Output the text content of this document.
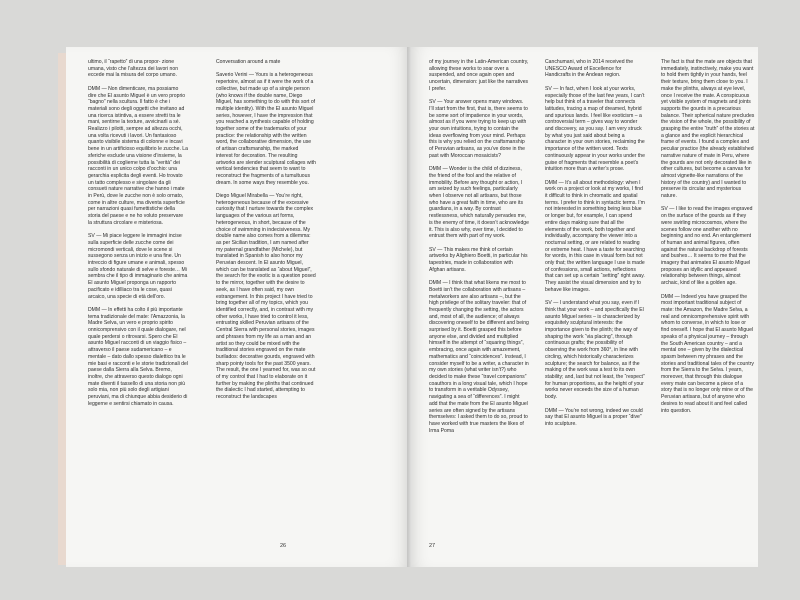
ultimo, il “rapetto” di una propor- zione umana, visto che l’altezza dei lavori non eccede mai la misura del corpo umano.

DMM — Non dimenticare, ma possiamo dire che El asunto Miguel è un vero proprio “bagno” nella scultura. Il fatto è che i materiali sono degli oggetti che invitano ad una ricerca istintiva, a essere stretti tra le mani, sentirne la texture, avvicinarli a sé. Realizzo i pilotti, sempre ad altezza occhi, una volta ricevuti i lavori. Un fantasioso quanto visibile sistema di colonne e incavi bene in un artificioso equilibrio le zucche. La sferiche esclude una visione d’insieme, la possibilità di coglierne tutta la “verità” dei racconti in un unico colpo d’occhio: una gerarchia esplicita degli eventi. Ho trovato un tatto complesso e singolare da gli consueti nature narrative che hanno i mate in Perù, dove le zucche non è solo ornato, come in altre culture, ma diventa superficie per narrazioni quasi fumettistiche della storia del paese e ne ho voluto preservare la struttura circolare e misteriosa.

SV — Mi piace leggere le immagini incise sulla superficie delle zucche come dei micromondi verticali, dove le scene si sussegono senza un inizio e una fine. Un intreccio di figure umane e animali, spesso sullo sfondo naturale di selve e foreste… Mi sembra che il tipo di immaginario che anima El asunto Miguel proponga un rapporto pacificato e idilliaco tra le cose, quasi arcaico, una specie di età dell’oro.

DMM — In effetti ha colto il più importante tema tradizionale del mate: l’Amazzonia, la Madre Selva, un vero e proprio spirito onnicomprensivo con il quale dialogare, nel quale perdersi o ritrovarsi. Spero che El asunto Miguel racconti di un viaggio fisico – attraverso il paese sudamericano – e mentale – dato dallo spesso dialettico tra le mie basi e racconti e le storie tradizionali del paese dalla Sierra alla Selva. Bremo, inoltre, che attraverso questo dialogo ogni mate diventi il tassello di una storia non più solo mia, non più solo degli artigiani peruviani, ma di chiunque abbia desiderio di leggerne e sentirsi chiamato in causa.

Conversation around a mate

Saverio Verini — Yours is a heterogeneous repertoire, almost as if it were the work of a collective, but made up of a single person (who knows if the double name, Diego Miguel, has something to do with this sort of multiple identity). With the El asunto Miguel series, however, I have the impression that you reached a synthesis capable of holding together some of the trademarks of your practice: the relationship with the written word, the collaborative dimension, the use of artisan craftsmanship, the marked interest for decoration. The resulting artworks are slender sculptural collages with vertical tendencies that seem to want to reconstruct the fragments of a tumultuous dream. In some ways they resemble you.

Diego Miguel Mirabella — You’re right, heterogeneous because of the excessive curiosity that I nurture towards the complex languages of the various art forms, heterogeneous, in short, because of the choice of swimming in indecisiveness. My double name also comes from a dilemma: as per Sicilian tradition, I am named after my paternal grandfather (Michele), but translated in Spanish to also honor my Peruvian descent. In El asunto Miguel, which can be translated as “about Miguel”, the search for the exotic is a question posed to the mirror, together with the desire to seek, as I have often said, my own estrangement. In this project I have tried to bring together all of my topics, which you identified correctly, and, in contrast with my other works, I have tried to control it less, entrusting skilled Peruvian artisans of the Central Sierra with personal stories, images and phrases from my life as a man and an artist so they could be mixed with the traditional stories engraved on the mate burilados: decorative gourds, engraved with sharp pointy tools for the past 3500 years. The result, the one I yearned for, was so out of my control that I had to elaborate on it further by making the plinths that continued the dialectic I had started, attempting to reconstruct the landscapes

26

of my journey in the Latin-American country, allowing these works to soar over a suspended, and once again open and uncertain, dimension: just like the narratives I prefer.

SV — Your answer opens many windows. I’ll start from the first, that is, there seems to be some sort of impatience in your words, almost as if you were trying to keep up with your own intuitions, trying to contain the ideas overflowing from your mind. Perhaps this is why you relied on the craftsmanship of Peruvian artisans, as you’ve done in the past with Moroccan mosaicists?

DMM — Wonder is the child of dizziness, the friend of the fool and the relative of immobility. Before any thought or action, I am seized by such feelings, particularly when I observe not all artisans, but those who have a great faith in time, who are its guardians, in a way. By contrast restlessness, which naturally pervades me, is the enemy of time, it doesn’t acknowledge it. This is also why, over time, I decided to entrust them with part of my work.

SV — This makes me think of certain artworks by Alighiero Boetti, in particular his tapestries, made in collaboration with Afghan artisans.

DMM — I think that what likens me most to Boetti isn’t the collaboration with artisans – metalworkers are also artisans –, but the high privilege of the solitary traveler: that of frequently changing the setting, the actors and, most of all, the audience; of always discovering oneself to be different and being surprised by it. Boetti grasped this before anyone else, and divided and multiplied himself in the attempt of “squaring things”, embracing, once again with amazement, mathematics and “coincidences”. Instead, I consider myself to be a writer, a character in my own stories (what writer isn’t?) who decided to make these “travel companions” coauthors in a long visual tale, which I hope to transform in a veritable Odyssey, navigating a sea of “differences”. I might add that the mate from the El asunto Miguel series are often signed by the artisans themselves: I asked them to do so, proud to have worked with true masters the likes of Irma Poma

Canchumani, who in 2014 received the UNESCO Award of Excellence for Handicrafts in the Andean region.

SV — In fact, when I look at your works, especially those of the last few years, I can’t help but think of a traveler that connects latitudes, tracing a map of dreamed, hybrid and spurious lands. I feel like exoticism – a controversial term – gives way to wonder and discovery, as you say. I am very struck by what you just said about being a character in your own stories, reclaiming the importance of the written word. Texts continuously appear in your works under the guise of fragments that resemble a poet’s intuition more than a writer’s prose.

DMM — It’s all about methodology: when I work on a project or look at my works, I find it difficult to think in chromatic and spatial terms. I prefer to think in syntactic terms. I’m not interested in something being less blue or longer but, for example, I can spend entire days making sure that all the elements of the work, both together and individually, accompany the viewer into a nocturnal setting, or are related to reading or extreme heat. I have a taste for searching for words, in this case in visual form but not only that; the written language I use is made of confessions, small actions, reflections that can set up a certain “setting” right away. They assist the visual dimension and try to behave like images.

SV — I understand what you say, even if I think that your work – and specifically the El asunto Miguel series – is characterized by exquisitely sculptural interests: the importance given to the plinth; the way of shaping the work “via placing”, through continuous grafts; the possibility of observing the work from 360°, in line with circling, which historically characterizes sculpture; the search for balance, as if the making of the work was a test to its own stability; and, last but not least, the “respect” for human proportions, as the height of your works never exceeds the size of a human body.

DMM — You’re not wrong, indeed we could say that El asunto Miguel is a proper “dive” into sculpture.

The fact is that the mate are objects that immediately, instinctively, make you want to hold them tightly in your hands, feel their texture, bring them close to you. I make the plinths, always at eye level, once I receive the mate. A conspicuous yet visible system of magnets and joints supports the gourds in a precarious balance. Their spherical nature precludes the vision of the whole, the possibility of grasping the entire “truth” of the stories at a glance and the explicit hierarchical frame of events. I found a complex and peculiar practice (the already established narrative nature of mate in Peru, where the gourds are not only decorated like in other cultures, but become a canvas for almost vignette-like narrations of the history of the country) and I wanted to preserve its circular and mysterious nature.

SV — I like to read the images engraved on the surface of the gourds as if they were swirling microcosmos, where the scenes follow one another with no beginning and no end. An entanglement of human and animal figures, often against the natural backdrop of forests and bushes… It seems to me that the imagery that animates El asunto Miguel proposes an idyllic and appeased relationship between things, almost archaic, kind of like a golden age.

DMM — Indeed you have grasped the most important traditional subject of mate: the Amazon, the Madre Selva, a real and omnicomprehensive spirit with whom to converse, in which to lose or find oneself. I hope that El asunto Miguel speaks of a physical journey – through the South American country – and a mental one – given by the dialectical spasm between my phrases and the stories and traditional tales of the country from the Sierra to the Selva. I yearn, moreover, that through this dialogue every mate can become a piece of a story that is no longer only mine or of the Peruvian artisans, but of anyone who desires to read about it and feel called into question.

27
